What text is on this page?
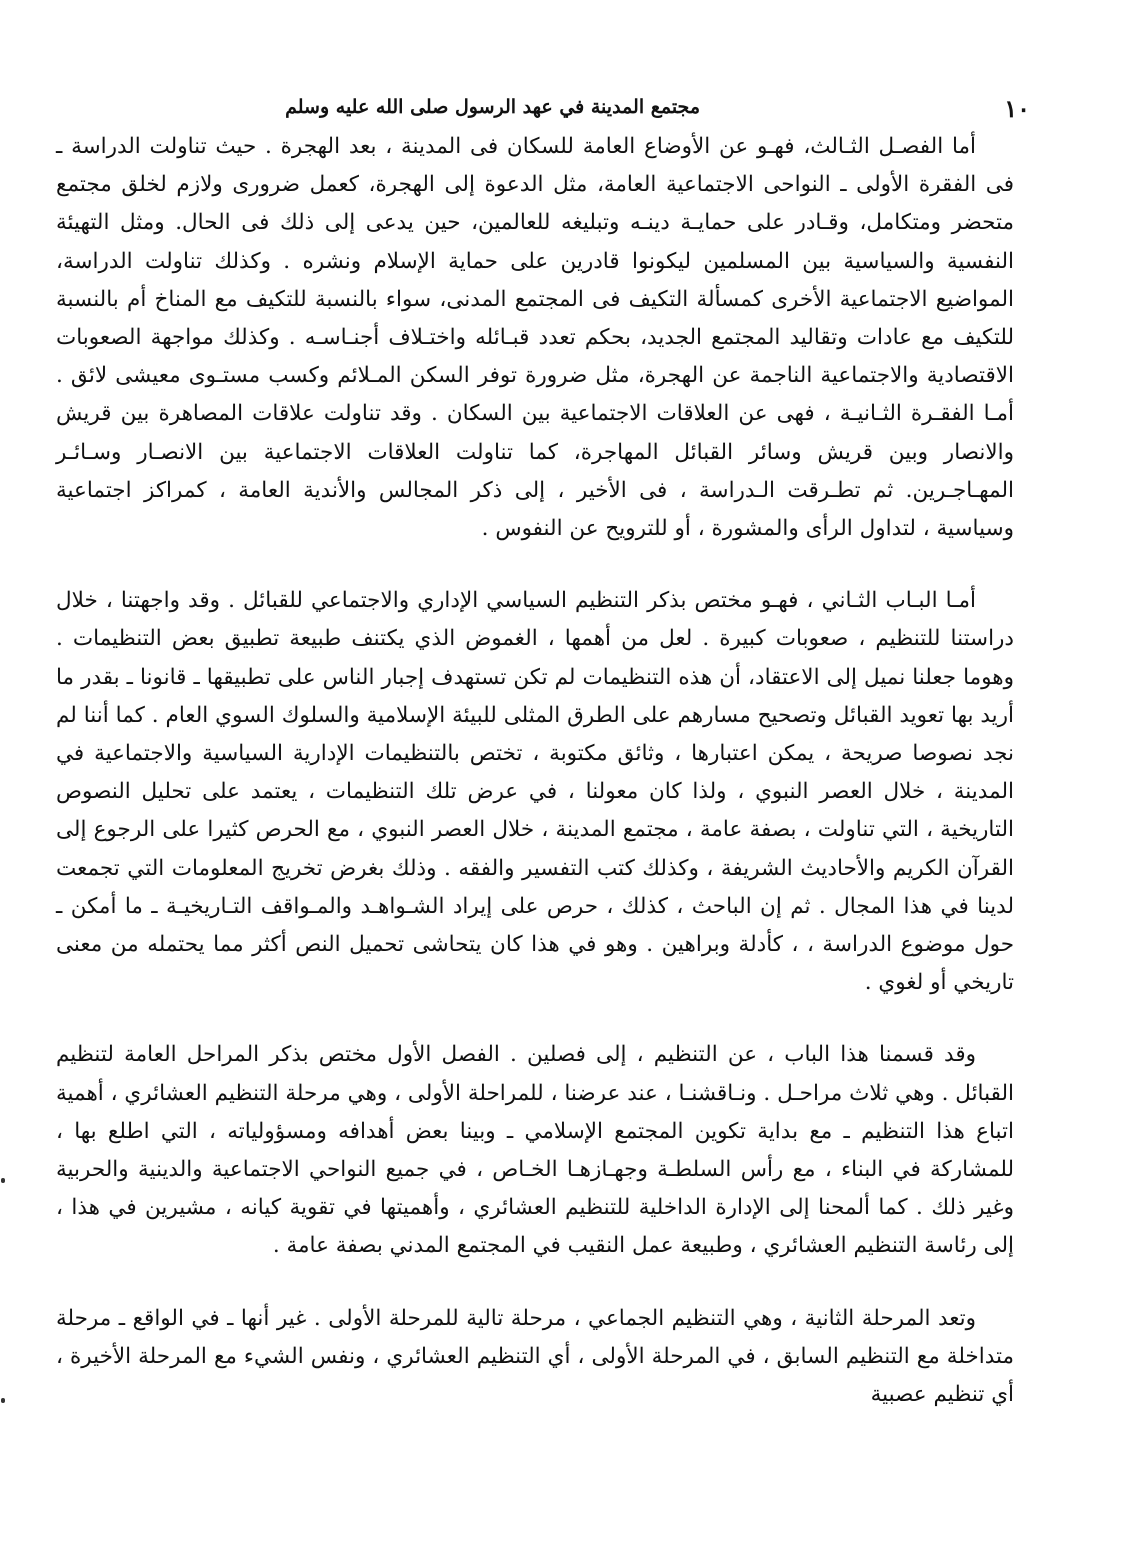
١٠
مجتمع المدينة في عهد الرسول صلى الله عليه وسلم

أما الفصـل الثـالث، فهـو عن الأوضاع العامة للسكان فى المدينة ، بعد الهجرة . حيث تناولت الدراسة ـ فى الفقرة الأولى ـ النواحى الاجتماعية العامة، مثل الدعوة إلى الهجرة، كعمل ضرورى ولازم لخلق مجتمع متحضر ومتكامل، وقـادر على حمايـة دينـه وتبليغه للعالمين، حين يدعى إلى ذلك فى الحال. ومثل التهيئة النفسية والسياسية بين المسلمين ليكونوا قادرين على حماية الإسلام ونشره . وكذلك تناولت الدراسة، المواضيع الاجتماعية الأخرى كمسألة التكيف فى المجتمع المدنى، سواء بالنسبة للتكيف مع المناخ أم بالنسبة للتكيف مع عادات وتقاليد المجتمع الجديد، بحكم تعدد قبـائله واختـلاف أجنـاسـه . وكذلك مواجهة الصعوبات الاقتصادية والاجتماعية الناجمة عن الهجرة، مثل ضرورة توفر السكن المـلائم وكسب مستـوى معيشى لائق . أمـا الفقـرة الثـانيـة ، فهى عن العلاقات الاجتماعية بين السكان . وقد تناولت علاقات المصاهرة بين قريش والانصار وبين قريش وسائر القبائل المهاجرة، كما تناولت العلاقات الاجتماعية بين الانصـار وسـائـر المهـاجـرين. ثم تطـرقت الـدراسة ، فى الأخير ، إلى ذكر المجالس والأندية العامة ، كمراكز اجتماعية وسياسية ، لتداول الرأى والمشورة ، أو للترويح عن النفوس .

أمـا البـاب الثـاني ، فهـو مختص بذكر التنظيم السياسي الإداري والاجتماعي للقبائل . وقد واجهتنا ، خلال دراستنا للتنظيم ، صعوبات كبيرة . لعل من أهمها ، الغموض الذي يكتنف طبيعة تطبيق بعض التنظيمات . وهوما جعلنا نميل إلى الاعتقاد، أن هذه التنظيمات لم تكن تستهدف إجبار الناس على تطبيقها ـ قانونا ـ بقدر ما أريد بها تعويد القبائل وتصحيح مسارهم على الطرق المثلى للبيئة الإسلامية والسلوك السوي العام . كما أننا لم نجد نصوصا صريحة ، يمكن اعتبارها ، وثائق مكتوبة ، تختص بالتنظيمات الإدارية السياسية والاجتماعية في المدينة ، خلال العصر النبوي ، ولذا كان معولنا ، في عرض تلك التنظيمات ، يعتمد على تحليل النصوص التاريخية ، التي تناولت ، بصفة عامة ، مجتمع المدينة ، خلال العصر النبوي ، مع الحرص كثيرا على الرجوع إلى القرآن الكريم والأحاديث الشريفة ، وكذلك كتب التفسير والفقه . وذلك بغرض تخريج المعلومات التي تجمعت لدينا في هذا المجال . ثم إن الباحث ، كذلك ، حرص على إيراد الشـواهـد والمـواقف التـاريخيـة ـ ما أمكن ـ حول موضوع الدراسة ، ، كأدلة وبراهين . وهو في هذا كان يتحاشى تحميل النص أكثر مما يحتمله من معنى تاريخي أو لغوي .

وقد قسمنا هذا الباب ، عن التنظيم ، إلى فصلين . الفصل الأول مختص بذكر المراحل العامة لتنظيم القبائل . وهي ثلاث مراحـل . ونـاقشنـا ، عند عرضنا ، للمراحلة الأولى ، وهي مرحلة التنظيم العشائري ، أهمية اتباع هذا التنظيم ـ مع بداية تكوين المجتمع الإسلامي ـ وبينا بعض أهدافه ومسؤولياته ، التي اطلع بها ، للمشاركة في البناء ، مع رأس السلطـة وجهـازهـا الخـاص ، في جميع النواحي الاجتماعية والدينية والحربية وغير ذلك . كما ألمحنا إلى الإدارة الداخلية للتنظيم العشائري ، وأهميتها في تقوية كيانه ، مشيرين في هذا ، إلى رئاسة التنظيم العشائري ، وطبيعة عمل النقيب في المجتمع المدني بصفة عامة .

وتعد المرحلة الثانية ، وهي التنظيم الجماعي ، مرحلة تالية للمرحلة الأولى . غير أنها ـ في الواقع ـ مرحلة متداخلة مع التنظيم السابق ، في المرحلة الأولى ، أي التنظيم العشائري ، ونفس الشيء مع المرحلة الأخيرة ، أي تنظيم عصبية
